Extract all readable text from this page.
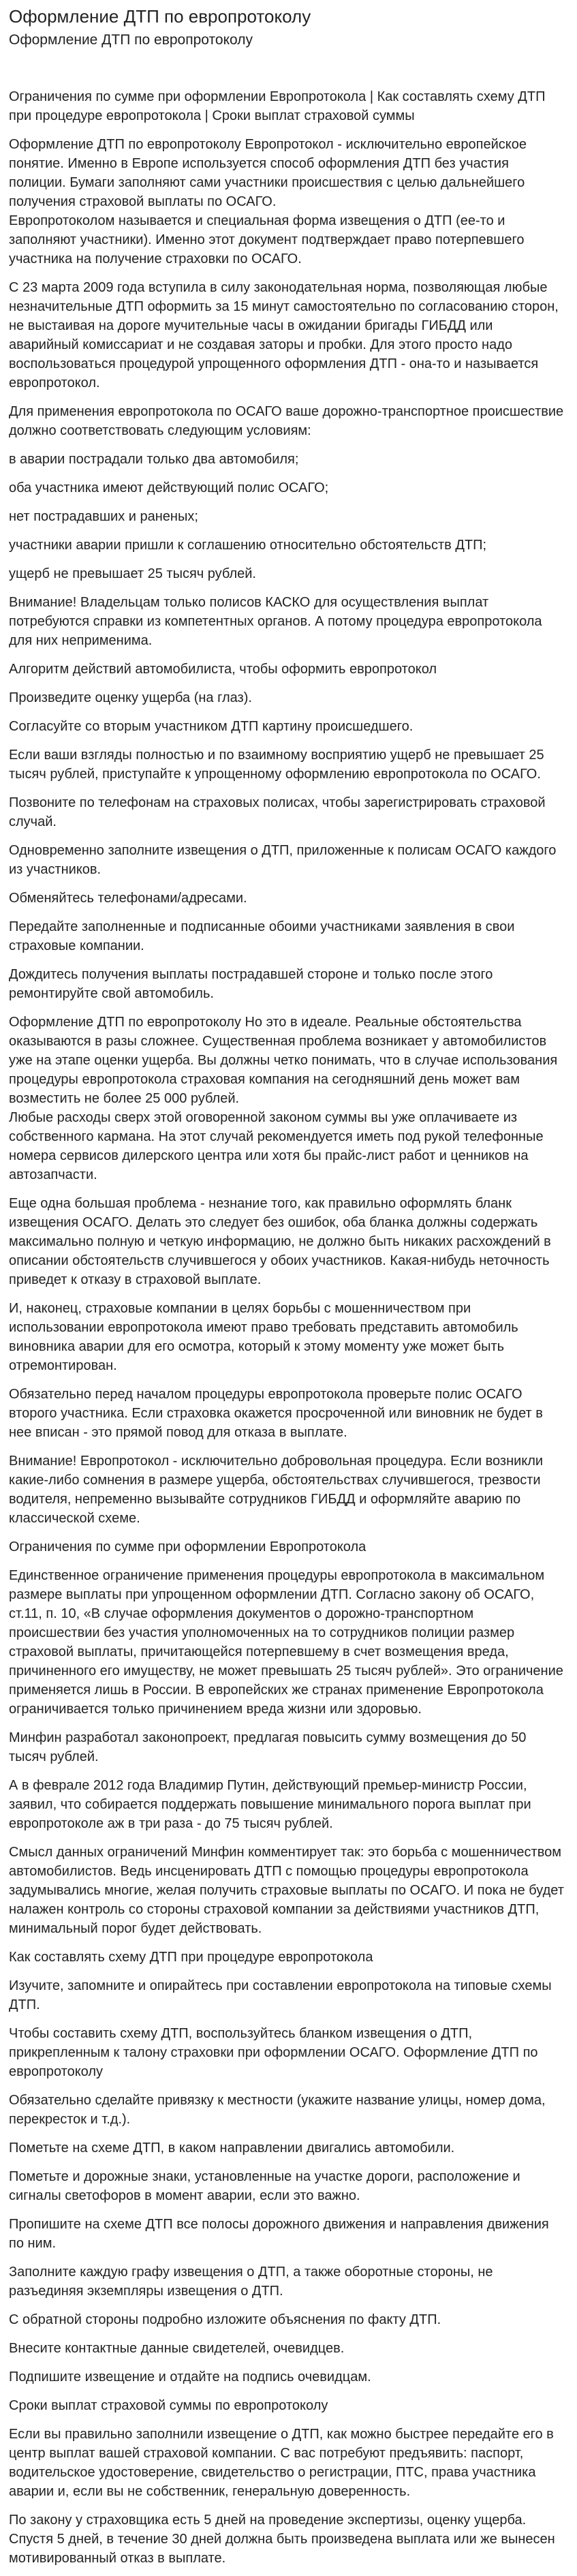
Оформление ДТП по европротоколу
Оформление ДТП по европротоколу

Ограничения по сумме при оформлении Европротокола | Как составлять схему ДТП при процедуре европротокола | Сроки выплат страховой суммы

Оформление ДТП по европротоколу Европротокол - исключительно европейское понятие. Именно в Европе используется способ оформления ДТП без участия полиции. Бумаги заполняют сами участники происшествия с целью дальнейшего получения страховой выплаты по ОСАГО.
Европротоколом называется и специальная форма извещения о ДТП (ее-то и заполняют участники). Именно этот документ подтверждает право потерпевшего участника на получение страховки по ОСАГО.

С 23 марта 2009 года вступила в силу законодательная норма, позволяющая любые незначительные ДТП оформить за 15 минут самостоятельно по согласованию сторон, не выстаивая на дороге мучительные часы в ожидании бригады ГИБДД или аварийный комиссариат и не создавая заторы и пробки. Для этого просто надо воспользоваться процедурой упрощенного оформления ДТП - она-то и называется европротокол.

Для применения европротокола по ОСАГО ваше дорожно-транспортное происшествие должно соответствовать следующим условиям:

в аварии пострадали только два автомобиля;

оба участника имеют действующий полис ОСАГО;

нет пострадавших и раненых;

участники аварии пришли к соглашению относительно обстоятельств ДТП;

ущерб не превышает 25 тысяч рублей.

Внимание! Владельцам только полисов КАСКО для осуществления выплат потребуются справки из компетентных органов. А потому процедура европротокола для них неприменима.

Алгоритм действий автомобилиста, чтобы оформить европротокол

Произведите оценку ущерба (на глаз).

Согласуйте со вторым участником ДТП картину происшедшего.

Если ваши взгляды полностью и по взаимному восприятию ущерб не превышает 25 тысяч рублей, приступайте к упрощенному оформлению европротокола по ОСАГО.

Позвоните по телефонам на страховых полисах, чтобы зарегистрировать страховой случай.

Одновременно заполните извещения о ДТП, приложенные к полисам ОСАГО каждого из участников.

Обменяйтесь телефонами/адресами.

Передайте заполненные и подписанные обоими участниками заявления в свои страховые компании.

Дождитесь получения выплаты пострадавшей стороне и только после этого ремонтируйте свой автомобиль.

Оформление ДТП по европротоколу Но это в идеале. Реальные обстоятельства оказываются в разы сложнее. Существенная проблема возникает у автомобилистов уже на этапе оценки ущерба. Вы должны четко понимать, что в случае использования процедуры европротокола страховая компания на сегодняшний день может вам возместить не более 25 000 рублей.
Любые расходы сверх этой оговоренной законом суммы вы уже оплачиваете из собственного кармана. На этот случай рекомендуется иметь под рукой телефонные номера сервисов дилерского центра или хотя бы прайс-лист работ и ценников на автозапчасти.

Еще одна большая проблема - незнание того, как правильно оформлять бланк извещения ОСАГО. Делать это следует без ошибок, оба бланка должны содержать максимально полную и четкую информацию, не должно быть никаких расхождений в описании обстоятельств случившегося у обоих участников. Какая-нибудь неточность приведет к отказу в страховой выплате.

И, наконец, страховые компании в целях борьбы с мошенничеством при использовании европротокола имеют право требовать представить автомобиль виновника аварии для его осмотра, который к этому моменту уже может быть отремонтирован.

Обязательно перед началом процедуры европротокола проверьте полис ОСАГО второго участника. Если страховка окажется просроченной или виновник не будет в нее вписан - это прямой повод для отказа в выплате.

Внимание! Европротокол - исключительно добровольная процедура. Если возникли какие-либо сомнения в размере ущерба, обстоятельствах случившегося, трезвости водителя, непременно вызывайте сотрудников ГИБДД и оформляйте аварию по классической схеме.

Ограничения по сумме при оформлении Европротокола

Единственное ограничение применения процедуры европротокола в максимальном размере выплаты при упрощенном оформлении ДТП. Согласно закону об ОСАГО, ст.11, п. 10, «В случае оформления документов о дорожно-транспортном происшествии без участия уполномоченных на то сотрудников полиции размер страховой выплаты, причитающейся потерпевшему в счет возмещения вреда, причиненного его имуществу, не может превышать 25 тысяч рублей». Это ограничение применяется лишь в России. В европейских же странах применение Европротокола ограничивается только причинением вреда жизни или здоровью.

Минфин разработал законопроект, предлагая повысить сумму возмещения до 50 тысяч рублей.

А в феврале 2012 года Владимир Путин, действующий премьер-министр России, заявил, что собирается поддержать повышение минимального порога выплат при европротоколе аж в три раза - до 75 тысяч рублей.

Смысл данных ограничений Минфин комментирует так: это борьба с мошенничеством автомобилистов. Ведь инсценировать ДТП с помощью процедуры европротокола задумывались многие, желая получить страховые выплаты по ОСАГО. И пока не будет налажен контроль со стороны страховой компании за действиями участников ДТП, минимальный порог будет действовать.

Как составлять схему ДТП при процедуре европротокола

Изучите, запомните и опирайтесь при составлении европротокола на типовые схемы ДТП.

Чтобы составить схему ДТП, воспользуйтесь бланком извещения о ДТП, прикрепленным к талону страховки при оформлении ОСАГО. Оформление ДТП по европротоколу

Обязательно сделайте привязку к местности (укажите название улицы, номер дома, перекресток и т.д.).

Пометьте на схеме ДТП, в каком направлении двигались автомобили.

Пометьте и дорожные знаки, установленные на участке дороги, расположение и сигналы светофоров в момент аварии, если это важно.

Пропишите на схеме ДТП все полосы дорожного движения и направления движения по ним.

Заполните каждую графу извещения о ДТП, а также оборотные стороны, не разъединяя экземпляры извещения о ДТП.

С обратной стороны подробно изложите объяснения по факту ДТП.

Внесите контактные данные свидетелей, очевидцев.

Подпишите извещение и отдайте на подпись очевидцам.

Сроки выплат страховой суммы по европротоколу

Если вы правильно заполнили извещение о ДТП, как можно быстрее передайте его в центр выплат вашей страховой компании. С вас потребуют предъявить: паспорт, водительское удостоверение, свидетельство о регистрации, ПТС, права участника аварии и, если вы не собственник, генеральную доверенность.

По закону у страховщика есть 5 дней на проведение экспертизы, оценку ущерба. Спустя 5 дней, в течение 30 дней должна быть произведена выплата или же вынесен мотивированный отказ в выплате.
